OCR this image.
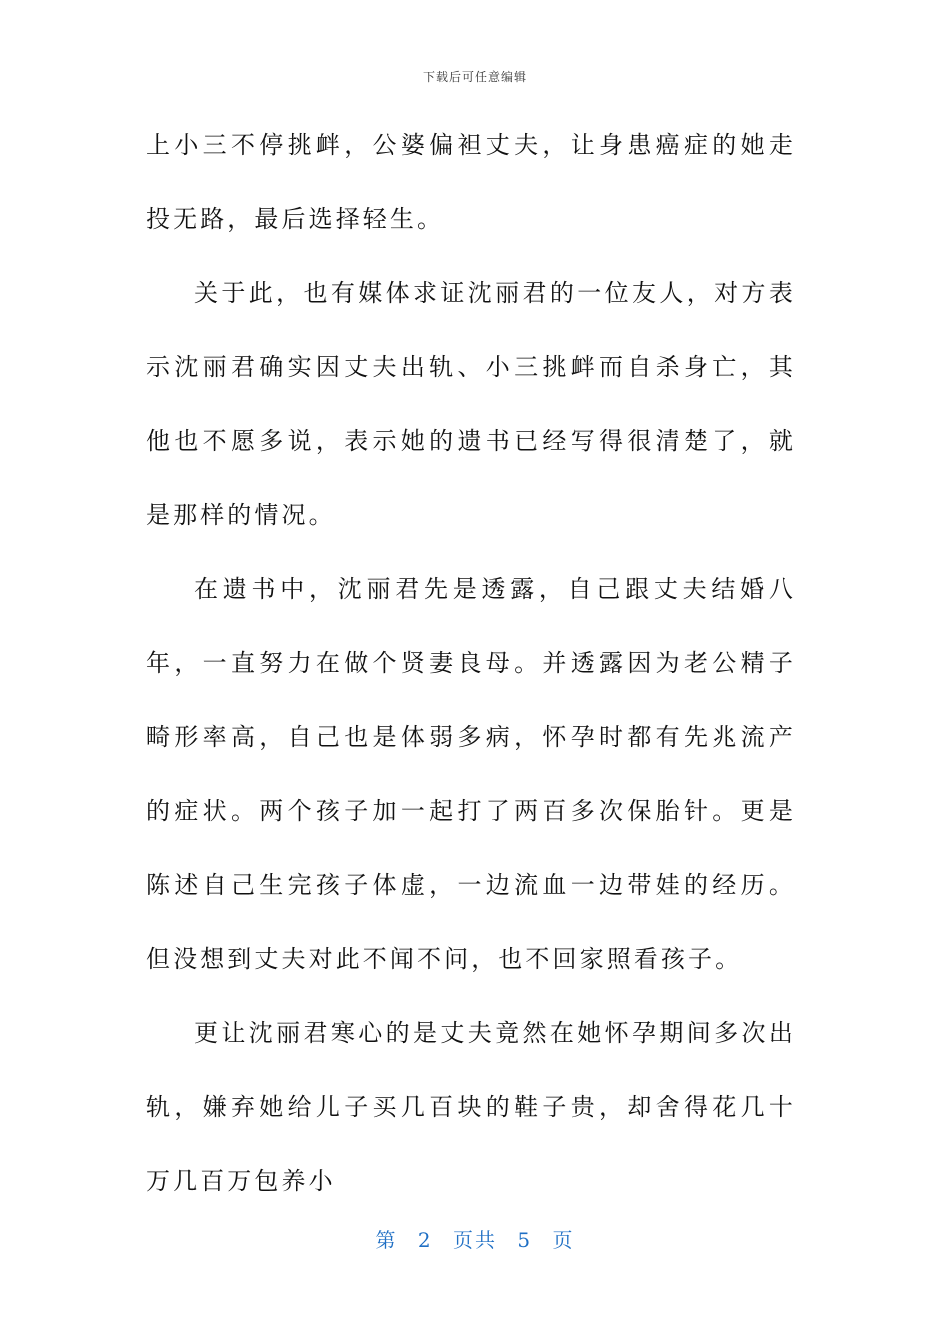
下载后可任意编辑

上小三不停挑衅，公婆偏袒丈夫，让身患癌症的她走投无路，最后选择轻生。

关于此，也有媒体求证沈丽君的一位友人，对方表示沈丽君确实因丈夫出轨、小三挑衅而自杀身亡，其他也不愿多说，表示她的遗书已经写得很清楚了，就是那样的情况。

在遗书中，沈丽君先是透露，自己跟丈夫结婚八年，一直努力在做个贤妻良母。并透露因为老公精子畸形率高，自己也是体弱多病，怀孕时都有先兆流产的症状。两个孩子加一起打了两百多次保胎针。更是陈述自己生完孩子体虚，一边流血一边带娃的经历。但没想到丈夫对此不闻不问，也不回家照看孩子。

更让沈丽君寒心的是丈夫竟然在她怀孕期间多次出轨，嫌弃她给儿子买几百块的鞋子贵，却舍得花几十万几百万包养小

第 2 页共 5 页
